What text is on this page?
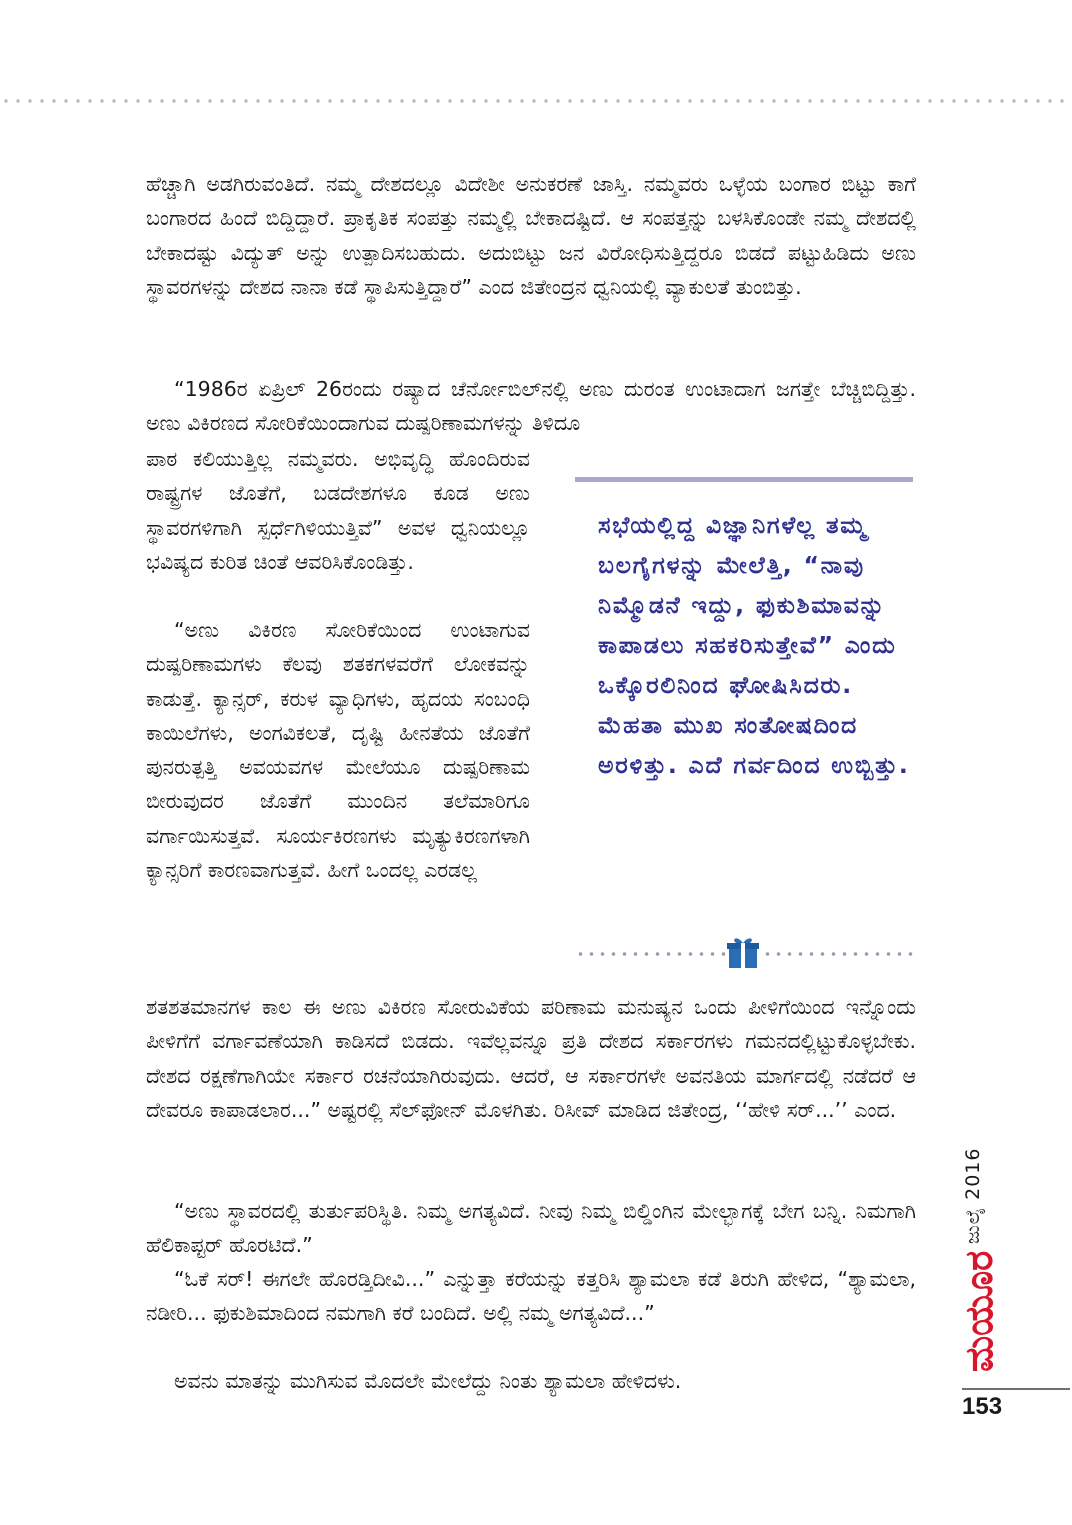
ಹೆಚ್ಚಾಗಿ ಅಡಗಿರುವಂತಿದೆ. ನಮ್ಮ ದೇಶದಲ್ಲೂ ವಿದೇಶೀ ಅನುಕರಣೆ ಜಾಸ್ತಿ. ನಮ್ಮವರು ಒಳ್ಳೆಯ ಬಂಗಾರ ಬಿಟ್ಟು ಕಾಗೆ ಬಂಗಾರದ ಹಿಂದೆ ಬಿದ್ದಿದ್ದಾರೆ. ಪ್ರಾಕೃತಿಕ ಸಂಪತ್ತು ನಮ್ಮಲ್ಲಿ ಬೇಕಾದಷ್ಟಿದೆ. ಆ ಸಂಪತ್ತನ್ನು ಬಳಸಿಕೊಂಡೇ ನಮ್ಮ ದೇಶದಲ್ಲಿ ಬೇಕಾದಷ್ಟು ವಿದ್ಯುತ್ ಅನ್ನು ಉತ್ಪಾದಿಸಬಹುದು. ಅದುಬಿಟ್ಟು ಜನ ವಿರೋಧಿಸುತ್ತಿದ್ದರೂ ಬಿಡದೆ ಪಟ್ಟುಹಿಡಿದು ಅಣು ಸ್ಥಾವರಗಳನ್ನು ದೇಶದ ನಾನಾ ಕಡೆ ಸ್ಥಾಪಿಸುತ್ತಿದ್ದಾರೆ” ಎಂದ ಜಿತೇಂದ್ರನ ಧ್ವನಿಯಲ್ಲಿ ವ್ಯಾಕುಲತೆ ತುಂಬಿತ್ತು.

“1986ರ ಏಪ್ರಿಲ್ 26ರಂದು ರಷ್ಯಾದ ಚೆರ್ನೋಬಿಲ್‌ನಲ್ಲಿ ಅಣು ದುರಂತ ಉಂಟಾದಾಗ ಜಗತ್ತೇ ಬೆಚ್ಚಿಬಿದ್ದಿತ್ತು. ಅಣು ವಿಕಿರಣದ ಸೋರಿಕೆಯಿಂದಾಗುವ ದುಷ್ಪರಿಣಾಮಗಳನ್ನು ತಿಳಿದೂ

ಪಾಠ ಕಲಿಯುತ್ತಿಲ್ಲ ನಮ್ಮವರು. ಅಭಿವೃದ್ಧಿ ಹೊಂದಿರುವ ರಾಷ್ಟ್ರಗಳ ಜೊತೆಗೆ, ಬಡದೇಶಗಳೂ ಕೂಡ ಅಣು ಸ್ಥಾವರಗಳಿಗಾಗಿ ಸ್ಪರ್ಧೆಗಿಳಿಯುತ್ತಿವೆ” ಅವಳ ಧ್ವನಿಯಲ್ಲೂ ಭವಿಷ್ಯದ ಕುರಿತ ಚಿಂತೆ ಆವರಿಸಿಕೊಂಡಿತ್ತು.

“ಅಣು ವಿಕಿರಣ ಸೋರಿಕೆಯಿಂದ ಉಂಟಾಗುವ ದುಷ್ಪರಿಣಾಮಗಳು ಕೆಲವು ಶತಕಗಳವರೆಗೆ ಲೋಕವನ್ನು ಕಾಡುತ್ತೆ. ಕ್ಯಾನ್ಸರ್, ಕರುಳ ವ್ಯಾಧಿಗಳು, ಹೃದಯ ಸಂಬಂಧಿ ಕಾಯಿಲೆಗಳು, ಅಂಗವಿಕಲತೆ, ದೃಷ್ಟಿ ಹೀನತೆಯ ಜೊತೆಗೆ ಪುನರುತ್ಪತ್ತಿ ಅವಯವಗಳ ಮೇಲೆಯೂ ದುಷ್ಪರಿಣಾಮ ಬೀರುವುದರ ಜೊತೆಗೆ ಮುಂದಿನ ತಲೆಮಾರಿಗೂ ವರ್ಗಾಯಿಸುತ್ತವೆ. ಸೂರ್ಯಕಿರಣಗಳು ಮೃತ್ಯುಕಿರಣಗಳಾಗಿ ಕ್ಯಾನ್ಸರಿಗೆ ಕಾರಣವಾಗುತ್ತವೆ. ಹೀಗೆ ಒಂದಲ್ಲ ಎರಡಲ್ಲ

ಶತಶತಮಾನಗಳ ಕಾಲ ಈ ಅಣು ವಿಕಿರಣ ಸೋರುವಿಕೆಯ ಪರಿಣಾಮ ಮನುಷ್ಯನ ಒಂದು ಪೀಳಿಗೆಯಿಂದ ಇನ್ನೊಂದು ಪೀಳಿಗೆಗೆ ವರ್ಗಾವಣೆಯಾಗಿ ಕಾಡಿಸದೆ ಬಿಡದು. ಇವೆಲ್ಲವನ್ನೂ ಪ್ರತಿ ದೇಶದ ಸರ್ಕಾರಗಳು ಗಮನದಲ್ಲಿಟ್ಟುಕೊಳ್ಳಬೇಕು. ದೇಶದ ರಕ್ಷಣೆಗಾಗಿಯೇ ಸರ್ಕಾರ ರಚನೆಯಾಗಿರುವುದು. ಆದರೆ, ಆ ಸರ್ಕಾರಗಳೇ ಅವನತಿಯ ಮಾರ್ಗದಲ್ಲಿ ನಡೆದರೆ ಆ ದೇವರೂ ಕಾಪಾಡಲಾರ...” ಅಷ್ಟರಲ್ಲಿ ಸೆಲ್‌ಫೋನ್ ಮೊಳಗಿತು. ರಿಸೀವ್ ಮಾಡಿದ ಜಿತೇಂದ್ರ, ‘‘ಹೇಳಿ ಸರ್...’’ ಎಂದ.

“ಅಣು ಸ್ಥಾವರದಲ್ಲಿ ತುರ್ತುಪರಿಸ್ಥಿತಿ. ನಿಮ್ಮ ಅಗತ್ಯವಿದೆ. ನೀವು ನಿಮ್ಮ ಬಿಲ್ಡಿಂಗಿನ ಮೇಲ್ಭಾಗಕ್ಕೆ ಬೇಗ ಬನ್ನಿ. ನಿಮಗಾಗಿ ಹೆಲಿಕಾಪ್ಟರ್ ಹೊರಟಿದೆ.”

“ಓಕೆ ಸರ್! ಈಗಲೇ ಹೊರಡ್ತಿದೀವಿ...” ಎನ್ನುತ್ತಾ ಕರೆಯನ್ನು ಕತ್ತರಿಸಿ ಶ್ಯಾಮಲಾ ಕಡೆ ತಿರುಗಿ ಹೇಳಿದ, “ಶ್ಯಾಮಲಾ, ನಡೀರಿ... ಫುಕುಶಿಮಾದಿಂದ ನಮಗಾಗಿ ಕರೆ ಬಂದಿದೆ. ಅಲ್ಲಿ ನಮ್ಮ ಅಗತ್ಯವಿದೆ...”

ಅವನು ಮಾತನ್ನು ಮುಗಿಸುವ ಮೊದಲೇ ಮೇಲೆದ್ದು ನಿಂತು ಶ್ಯಾಮಲಾ ಹೇಳಿದಳು.

ಸಭೆಯಲ್ಲಿದ್ದ ವಿಜ್ಞಾನಿಗಳೆಲ್ಲ ತಮ್ಮ ಬಲಗೈಗಳನ್ನು ಮೇಲೆತ್ತಿ, “ನಾವು ನಿಮ್ಮೊಡನೆ ಇದ್ದು, ಫುಕುಶಿಮಾವನ್ನು ಕಾಪಾಡಲು ಸಹಕರಿಸುತ್ತೇವೆ” ಎಂದು ಒಕ್ಕೊರಲಿನಿಂದ ಘೋಷಿಸಿದರು. ಮೆಹತಾ ಮುಖ ಸಂತೋಷದಿಂದ ಅರಳಿತ್ತು. ಎದೆ ಗರ್ವದಿಂದ ಉಬ್ಬಿತ್ತು.

ಜುಲೈ 2016
ಮಯೂರ
153
